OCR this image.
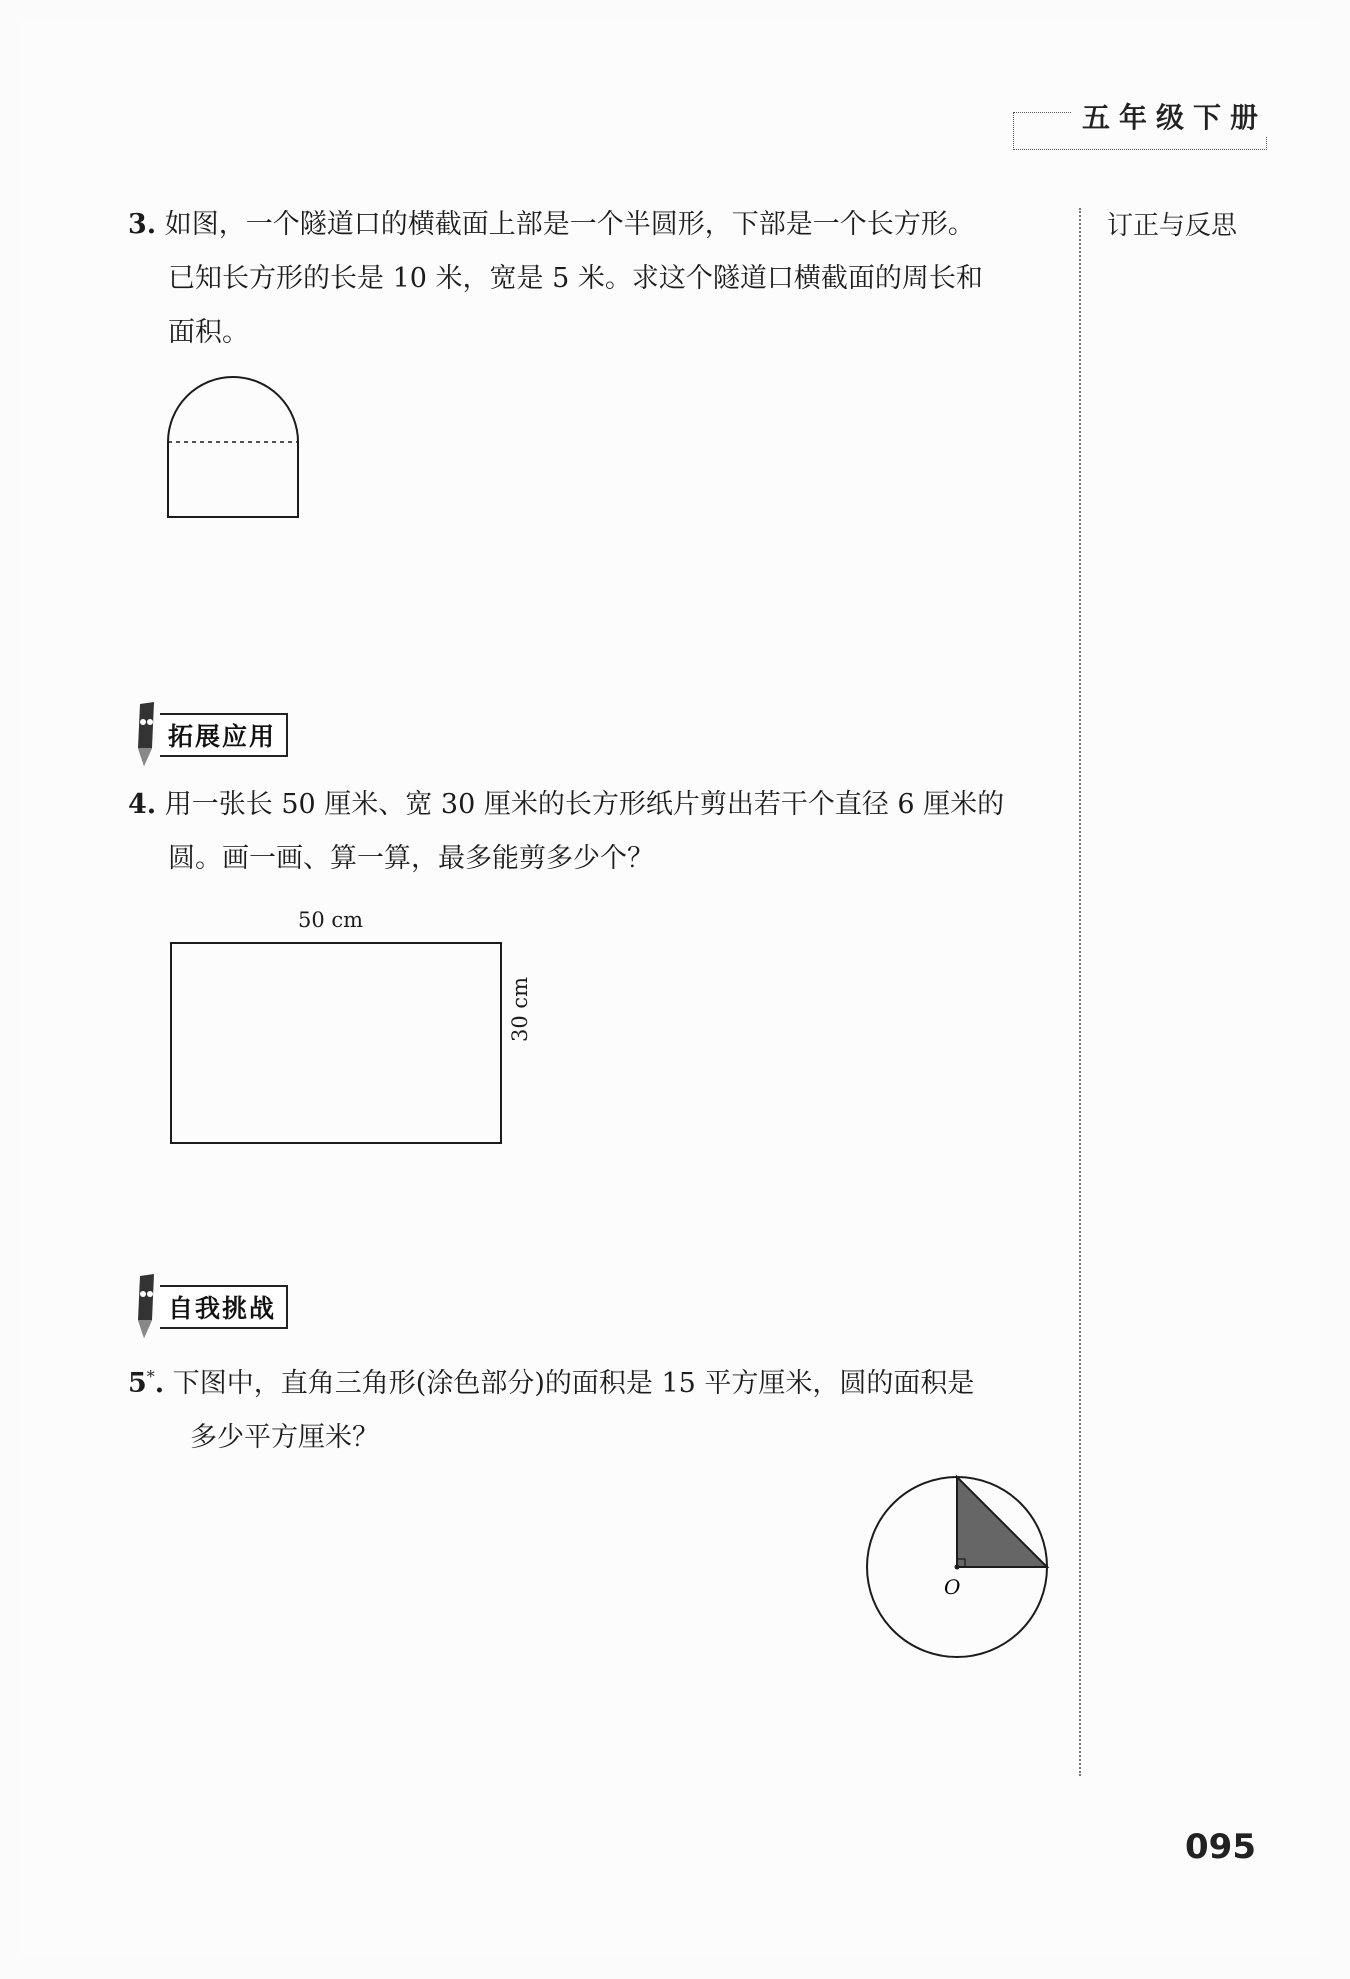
五年级下册
订正与反思
3. 如图，一个隧道口的横截面上部是一个半圆形，下部是一个长方形。
已知长方形的长是 10 米，宽是 5 米。求这个隧道口横截面的周长和
面积。
拓展应用
4. 用一张长 50 厘米、宽 30 厘米的长方形纸片剪出若干个直径 6 厘米的
圆。画一画、算一算，最多能剪多少个？
50 cm
30 cm
自我挑战
5*. 下图中，直角三角形(涂色部分)的面积是 15 平方厘米，圆的面积是
多少平方厘米？
O
095
